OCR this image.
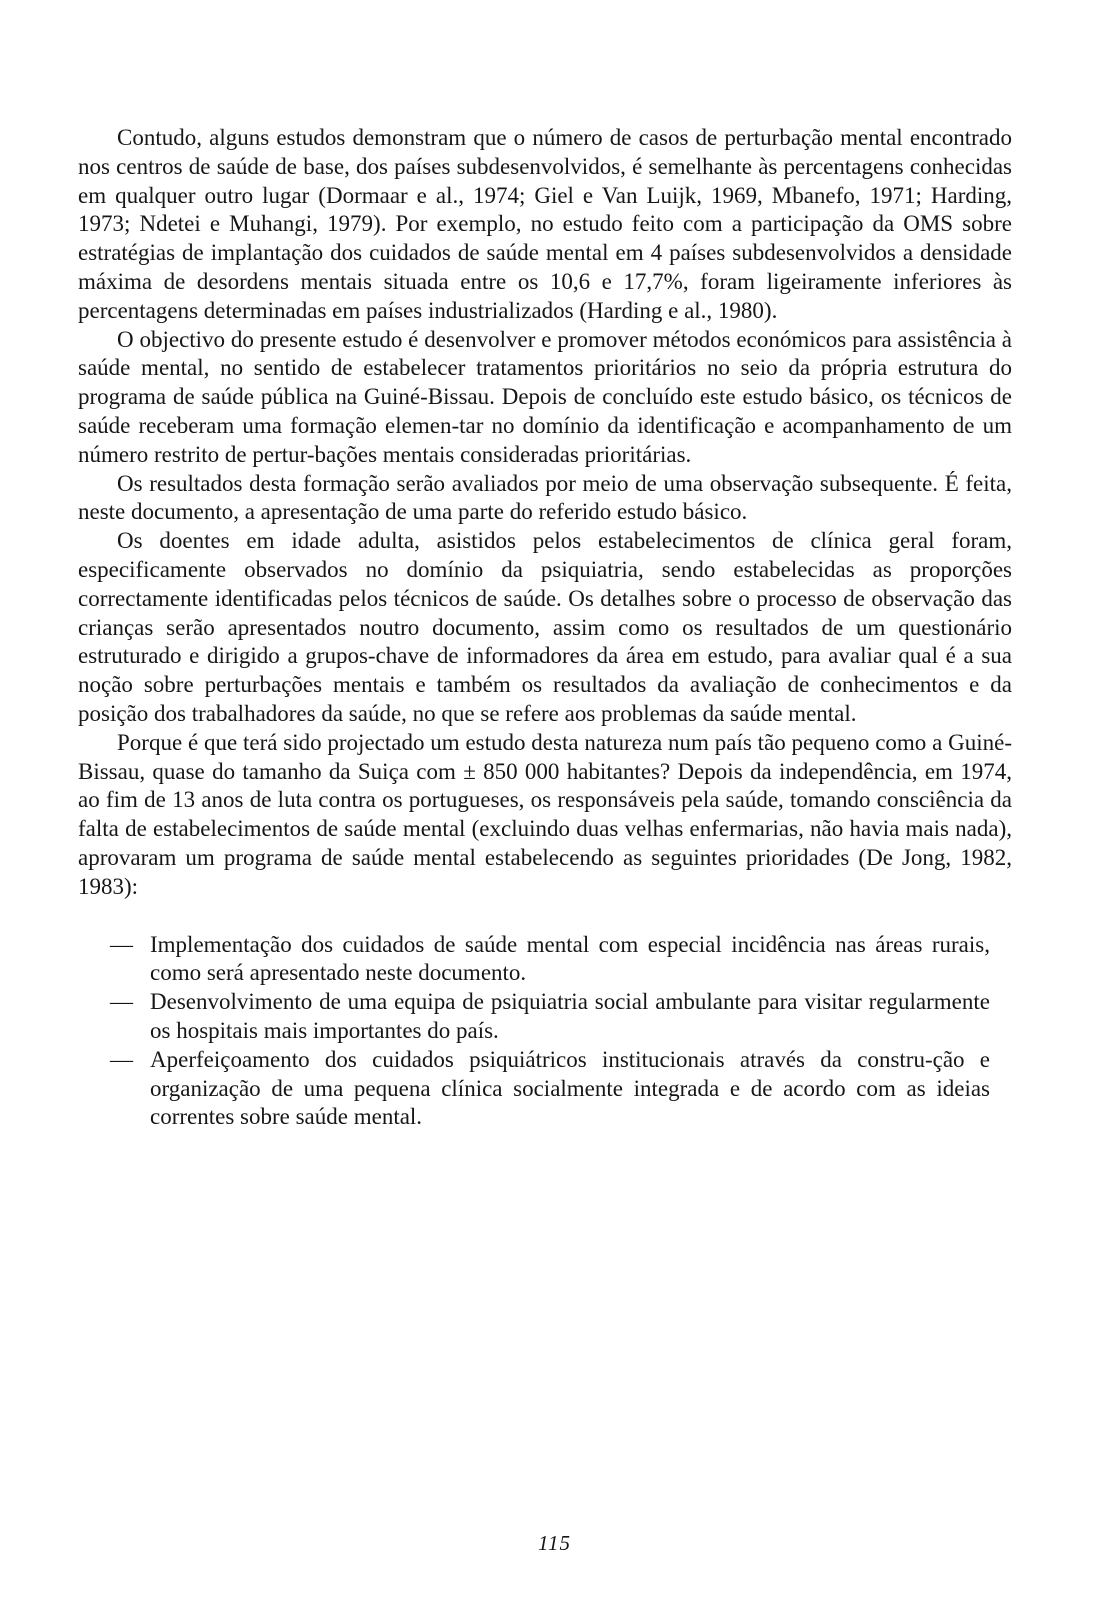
Contudo, alguns estudos demonstram que o número de casos de perturbação mental encontrado nos centros de saúde de base, dos países subdesenvolvidos, é semelhante às percentagens conhecidas em qualquer outro lugar (Dormaar e al., 1974; Giel e Van Luijk, 1969, Mbanefo, 1971; Harding, 1973; Ndetei e Muhangi, 1979). Por exemplo, no estudo feito com a participação da OMS sobre estratégias de implantação dos cuidados de saúde mental em 4 países subdesenvolvidos a densidade máxima de desordens mentais situada entre os 10,6 e 17,7%, foram ligeiramente inferiores às percentagens determinadas em países industrializados (Harding e al., 1980).

O objectivo do presente estudo é desenvolver e promover métodos económicos para assistência à saúde mental, no sentido de estabelecer tratamentos prioritários no seio da própria estrutura do programa de saúde pública na Guiné-Bissau. Depois de concluído este estudo básico, os técnicos de saúde receberam uma formação elemen-tar no domínio da identificação e acompanhamento de um número restrito de pertur-bações mentais consideradas prioritárias.

Os resultados desta formação serão avaliados por meio de uma observação subsequente. É feita, neste documento, a apresentação de uma parte do referido estudo básico.

Os doentes em idade adulta, asistidos pelos estabelecimentos de clínica geral foram, especificamente observados no domínio da psiquiatria, sendo estabelecidas as proporções correctamente identificadas pelos técnicos de saúde. Os detalhes sobre o processo de observação das crianças serão apresentados noutro documento, assim como os resultados de um questionário estruturado e dirigido a grupos-chave de informadores da área em estudo, para avaliar qual é a sua noção sobre perturbações mentais e também os resultados da avaliação de conhecimentos e da posição dos trabalhadores da saúde, no que se refere aos problemas da saúde mental.

Porque é que terá sido projectado um estudo desta natureza num país tão pequeno como a Guiné-Bissau, quase do tamanho da Suiça com ± 850 000 habitantes? Depois da independência, em 1974, ao fim de 13 anos de luta contra os portugueses, os responsáveis pela saúde, tomando consciência da falta de estabelecimentos de saúde mental (excluindo duas velhas enfermarias, não havia mais nada), aprovaram um programa de saúde mental estabelecendo as seguintes prioridades (De Jong, 1982, 1983):

— Implementação dos cuidados de saúde mental com especial incidência nas áreas rurais, como será apresentado neste documento.
— Desenvolvimento de uma equipa de psiquiatria social ambulante para visitar regularmente os hospitais mais importantes do país.
— Aperfeiçoamento dos cuidados psiquiátricos institucionais através da constru-ção e organização de uma pequena clínica socialmente integrada e de acordo com as ideias correntes sobre saúde mental.
115
